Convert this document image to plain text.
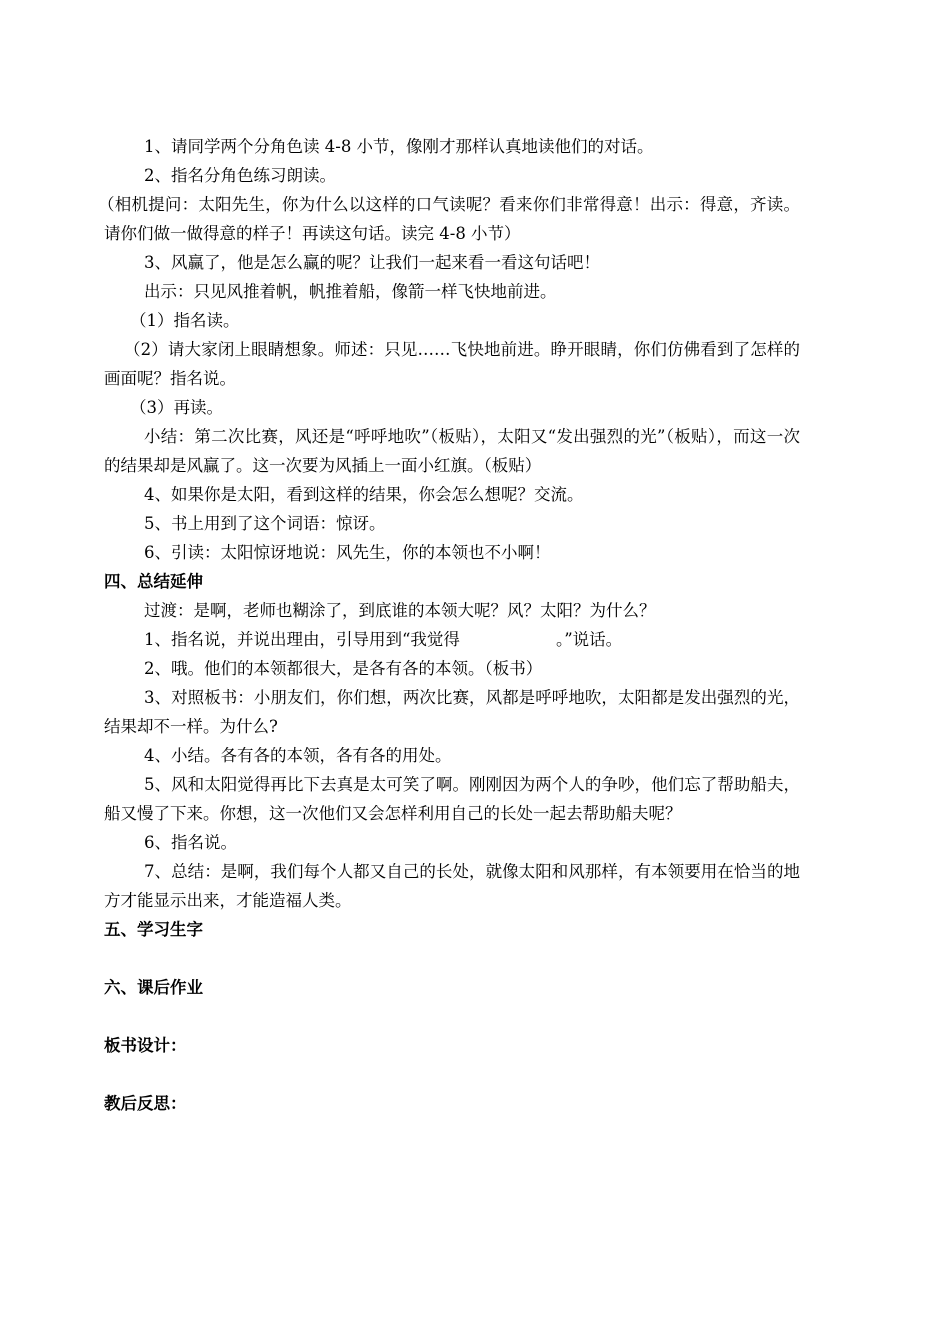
1、请同学两个分角色读 4-8 小节，像刚才那样认真地读他们的对话。
2、指名分角色练习朗读。
（相机提问：太阳先生，你为什么以这样的口气读呢？看来你们非常得意！出示：得意，齐读。请你们做一做得意的样子！再读这句话。读完 4-8 小节）
3、风赢了，他是怎么赢的呢？让我们一起来看一看这句话吧！
出示：只见风推着帆，帆推着船，像箭一样飞快地前进。
（1）指名读。
（2）请大家闭上眼睛想象。师述：只见……飞快地前进。睁开眼睛，你们仿佛看到了怎样的画面呢？指名说。
（3）再读。
小结：第二次比赛，风还是“呼呼地吹”（板贴），太阳又“发出强烈的光”（板贴），而这一次的结果却是风赢了。这一次要为风插上一面小红旗。（板贴）
4、如果你是太阳，看到这样的结果，你会怎么想呢？交流。
5、书上用到了这个词语：惊讶。
6、引读：太阳惊讶地说：风先生，你的本领也不小啊！
四、总结延伸
过渡：是啊，老师也糊涂了，到底谁的本领大呢？风？太阳？为什么？
1、指名说，并说出理由，引导用到“我觉得	。”说话。
2、哦。他们的本领都很大，是各有各的本领。（板书）
3、对照板书：小朋友们，你们想，两次比赛，风都是呼呼地吹，太阳都是发出强烈的光，结果却不一样。为什么?
4、小结。各有各的本领，各有各的用处。
5、风和太阳觉得再比下去真是太可笑了啊。刚刚因为两个人的争吵，他们忘了帮助船夫，船又慢了下来。你想，这一次他们又会怎样利用自己的长处一起去帮助船夫呢？
6、指名说。
7、总结：是啊，我们每个人都又自己的长处，就像太阳和风那样，有本领要用在恰当的地方才能显示出来，才能造福人类。
五、学习生字
六、课后作业
板书设计：
教后反思：
